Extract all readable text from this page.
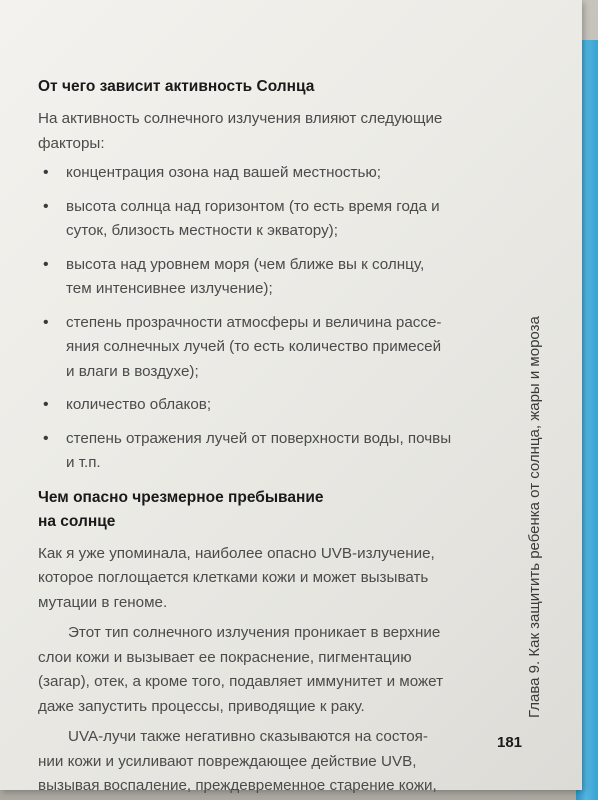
От чего зависит активность Солнца

На активность солнечного излучения влияют следующие
факторы:

• концентрация озона над вашей местностью;
• высота солнца над горизонтом (то есть время года и
суток, близость местности к экватору);
• высота над уровнем моря (чем ближе вы к солнцу,
тем интенсивнее излучение);
• степень прозрачности атмосферы и величина рассе-
яния солнечных лучей (то есть количество примесей
и влаги в воздухе);
• количество облаков;
• степень отражения лучей от поверхности воды, почвы
и т.п.
Чем опасно чрезмерное пребывание
на солнце

Как я уже упоминала, наиболее опасно UVB-излучение,
которое поглощается клетками кожи и может вызывать
мутации в геноме.

Этот тип солнечного излучения проникает в верхние
слои кожи и вызывает ее покраснение, пигментацию
(загар), отек, а кроме того, подавляет иммунитет и может
даже запустить процессы, приводящие к раку.

UVA-лучи также негативно сказываются на состоя-
нии кожи и усиливают повреждающее действие UVB,
вызывая воспаление, преждевременное старение кожи,

Глава 9. Как защитить ребенка от солнца, жары и мороза
181
